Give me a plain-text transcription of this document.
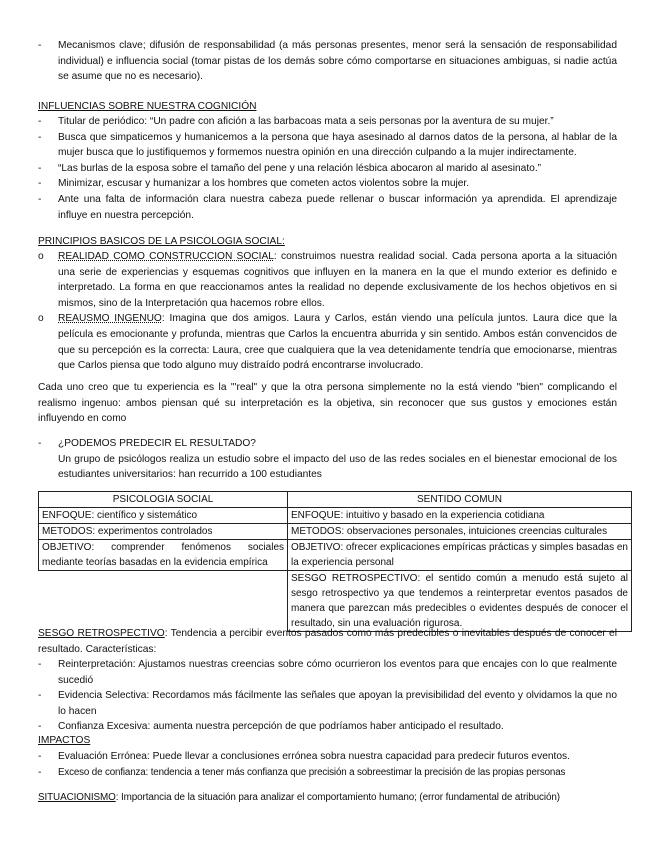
-	Mecanismos clave; difusión de responsabilidad (a más personas presentes, menor será la sensación de responsabilidad individual) e influencia social (tomar pistas de los demás sobre cómo comportarse en situaciones ambiguas, si nadie actúa se asume que no es necesario).
INFLUENCIAS SOBRE NUESTRA COGNICIÓN
-	Titular de periódico: “Un padre con afición a las barbacoas mata a seis personas por la aventura de su mujer.”
-	Busca que simpaticemos y humanicemos a la persona que haya asesinado al darnos datos de la persona, al hablar de la mujer busca que lo justifiquemos y formemos nuestra opinión en una dirección culpando a la mujer indirectamente.
-	“Las burlas de la esposa sobre el tamaño del pene y una relación lésbica abocaron al marido al asesinato.”
-	Minimizar, escusar y humanizar a los hombres que cometen actos violentos sobre la mujer.
-	Ante una falta de información clara nuestra cabeza puede rellenar o buscar información ya aprendida. El aprendizaje influye en nuestra percepción.
PRINCIPIOS BASICOS DE LA PSICOLOGIA SOCIAL:
o	REALIDAD COMO CONSTRUCCION SOCIAL: construimos nuestra realidad social. Cada persona aporta a la situación una serie de experiencias y esquemas cognitivos que influyen en la manera en la que el mundo exterior es definido e interpretado. La forma en que reaccionamos antes la realidad no depende exclusivamente de los hechos objetivos en si mismos, sino de la Interpretación qua hacemos robre ellos.
o	REAUSMO INGENUO: Imagina que dos amigos. Laura y Carlos, están viendo una película juntos. Laura dice que la película es emocionante y profunda, mientras que Carlos la encuentra aburrida y sin sentido. Ambos están convencidos de que su percepción es la correcta: Laura, cree que cualquiera que la vea detenidamente tendría que emocionarse, mientras que Carlos piensa que todo alguno muy distraído podrá encontrarse involucrado.
Cada uno creo que tu experiencia es la "'real" y que la otra persona simplemente no la está viendo "bien" complicando el realismo ingenuo: ambos piensan qué su interpretación es la objetiva, sin reconocer que sus gustos y emociones están influyendo en como
-	¿PODEMOS PREDECIR EL RESULTADO?
Un grupo de psicólogos realiza un estudio sobre el impacto del uso de las redes sociales en el bienestar emocional de los estudiantes universitarios: han recurrido a 100 estudiantes
PSICOLOGIA SOCIAL	SENTIDO COMUN
ENFOQUE: científico y sistemático	ENFOQUE: intuitivo y basado en la experiencia cotidiana
METODOS: experimentos controlados	METODOS: observaciones personales, intuiciones creencias culturales
OBJETIVO: comprender fenómenos sociales mediante teorías basadas en la evidencia empírica	OBJETIVO: ofrecer explicaciones empíricas prácticas y simples basadas en la experiencia personal
	SESGO RETROSPECTIVO: el sentido común a menudo está sujeto al sesgo retrospectivo ya que tendemos a reinterpretar eventos pasados de manera que parezcan más predecibles o evidentes después de conocer el resultado, sin una evaluación rigurosa.
SESGO RETROSPECTIVO: Tendencia a percibir eventos pasados como más predecibles o inevitables después de conocer el resultado. Características:
-	Reinterpretación: Ajustamos nuestras creencias sobre cómo ocurrieron los eventos para que encajes con lo que realmente sucedió
-	Evidencia Selectiva: Recordamos más fácilmente las señales que apoyan la previsibilidad del evento y olvidamos la que no lo hacen
-	Confianza Excesiva: aumenta nuestra percepción de que podríamos haber anticipado el resultado.
IMPACTOS
-	Evaluación Errónea: Puede llevar a conclusiones errónea sobra nuestra capacidad para predecir futuros eventos.
-	Exceso de confianza: tendencia a tener más confianza que precisión a sobreestimar la precisión de las propias personas
SITUACIONISMO: Importancia de la situación para analizar el comportamiento humano; (error fundamental de atribución)
